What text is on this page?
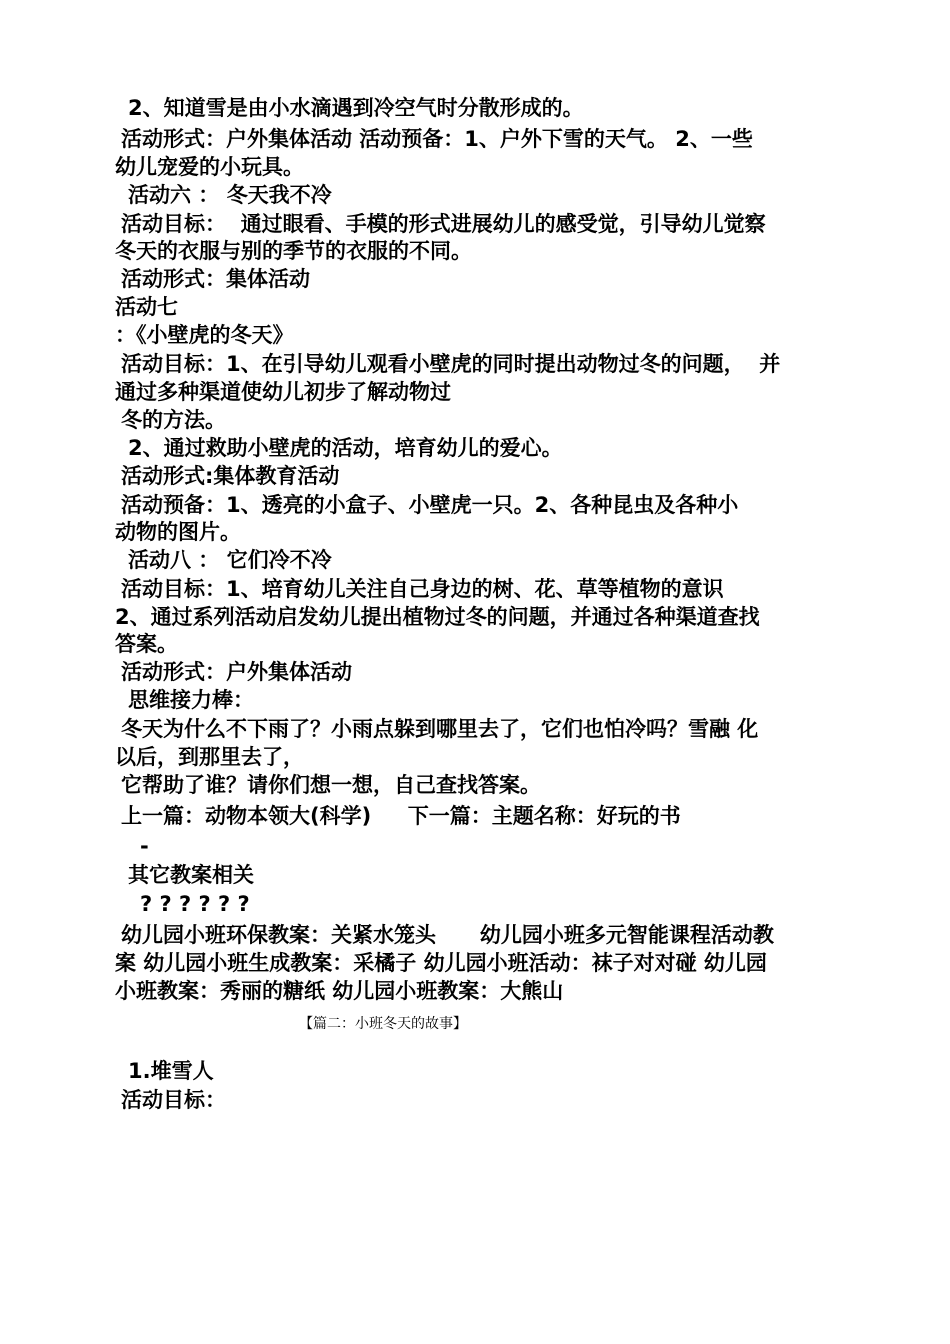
2、知道雪是由小水滴遇到冷空气时分散形成的。
活动形式：户外集体活动 活动预备：1、户外下雪的天气。 2、一些
幼儿宠爱的小玩具。
活动六 ： 冬天我不冷
活动目标：  通过眼看、手模的形式进展幼儿的感受觉，引导幼儿觉察
冬天的衣服与别的季节的衣服的不同。
活动形式：集体活动
活动七
：《小壁虎的冬天》
活动目标：1、在引导幼儿观看小壁虎的同时提出动物过冬的问题，  并
通过多种渠道使幼儿初步了解动物过
冬的方法。
2、通过救助小壁虎的活动，培育幼儿的爱心。
活动形式:集体教育活动
活动预备：1、透亮的小盒子、小壁虎一只。2、各种昆虫及各种小
动物的图片。
活动八 ： 它们冷不冷
活动目标：1、培育幼儿关注自己身边的树、花、草等植物的意识
2、通过系列活动启发幼儿提出植物过冬的问题，并通过各种渠道查找
答案。
活动形式：户外集体活动
思维接力棒：
冬天为什么不下雨了？小雨点躲到哪里去了，它们也怕冷吗？雪融 化
以后，到那里去了，
它帮助了谁？请你们想一想，自己查找答案。
上一篇：动物本领大(科学)     下一篇：主题名称：好玩的书
-
其它教案相关
? ? ? ? ? ?
幼儿园小班环保教案：关紧水笼头      幼儿园小班多元智能课程活动教
案 幼儿园小班生成教案：采橘子 幼儿园小班活动：袜子对对碰 幼儿园
小班教案：秀丽的糖纸 幼儿园小班教案：大熊山
【篇二：小班冬天的故事】
1.堆雪人
活动目标：
